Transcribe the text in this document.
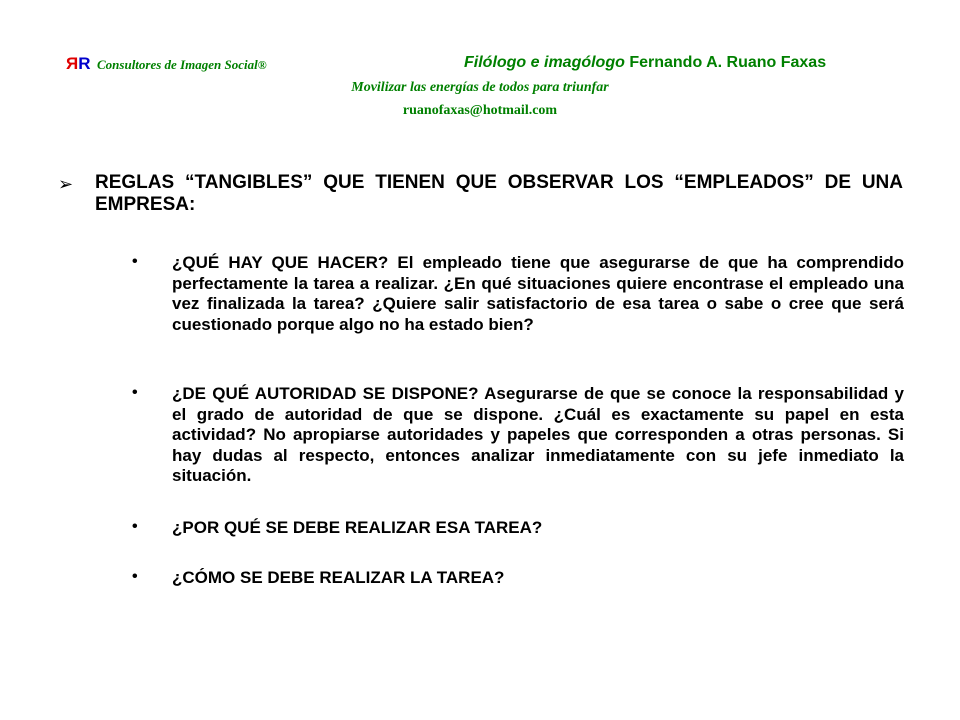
ЯR Consultores de Imagen Social®	Filólogo e imagólogo Fernando A. Ruano Faxas
Movilizar las energías de todos para triunfar
ruanofaxas@hotmail.com
➢ REGLAS “TANGIBLES” QUE TIENEN QUE OBSERVAR LOS “EMPLEADOS” DE UNA EMPRESA:
• ¿QUÉ HAY QUE HACER? El empleado tiene que asegurarse de que ha comprendido perfectamente la tarea a realizar. ¿En qué situaciones quiere encontrase el empleado una vez finalizada la tarea? ¿Quiere salir satisfactorio de esa tarea o sabe o cree que será cuestionado porque algo no ha estado bien?
• ¿DE QUÉ AUTORIDAD SE DISPONE? Asegurarse de que se conoce la responsabilidad y el grado de autoridad de que se dispone. ¿Cuál es exactamente su papel en esta actividad? No apropiarse autoridades y papeles que corresponden a otras personas. Si hay dudas al respecto, entonces analizar inmediatamente con su jefe inmediato la situación.
• ¿POR QUÉ SE DEBE REALIZAR ESA TAREA?
• ¿CÓMO SE DEBE REALIZAR LA TAREA?
